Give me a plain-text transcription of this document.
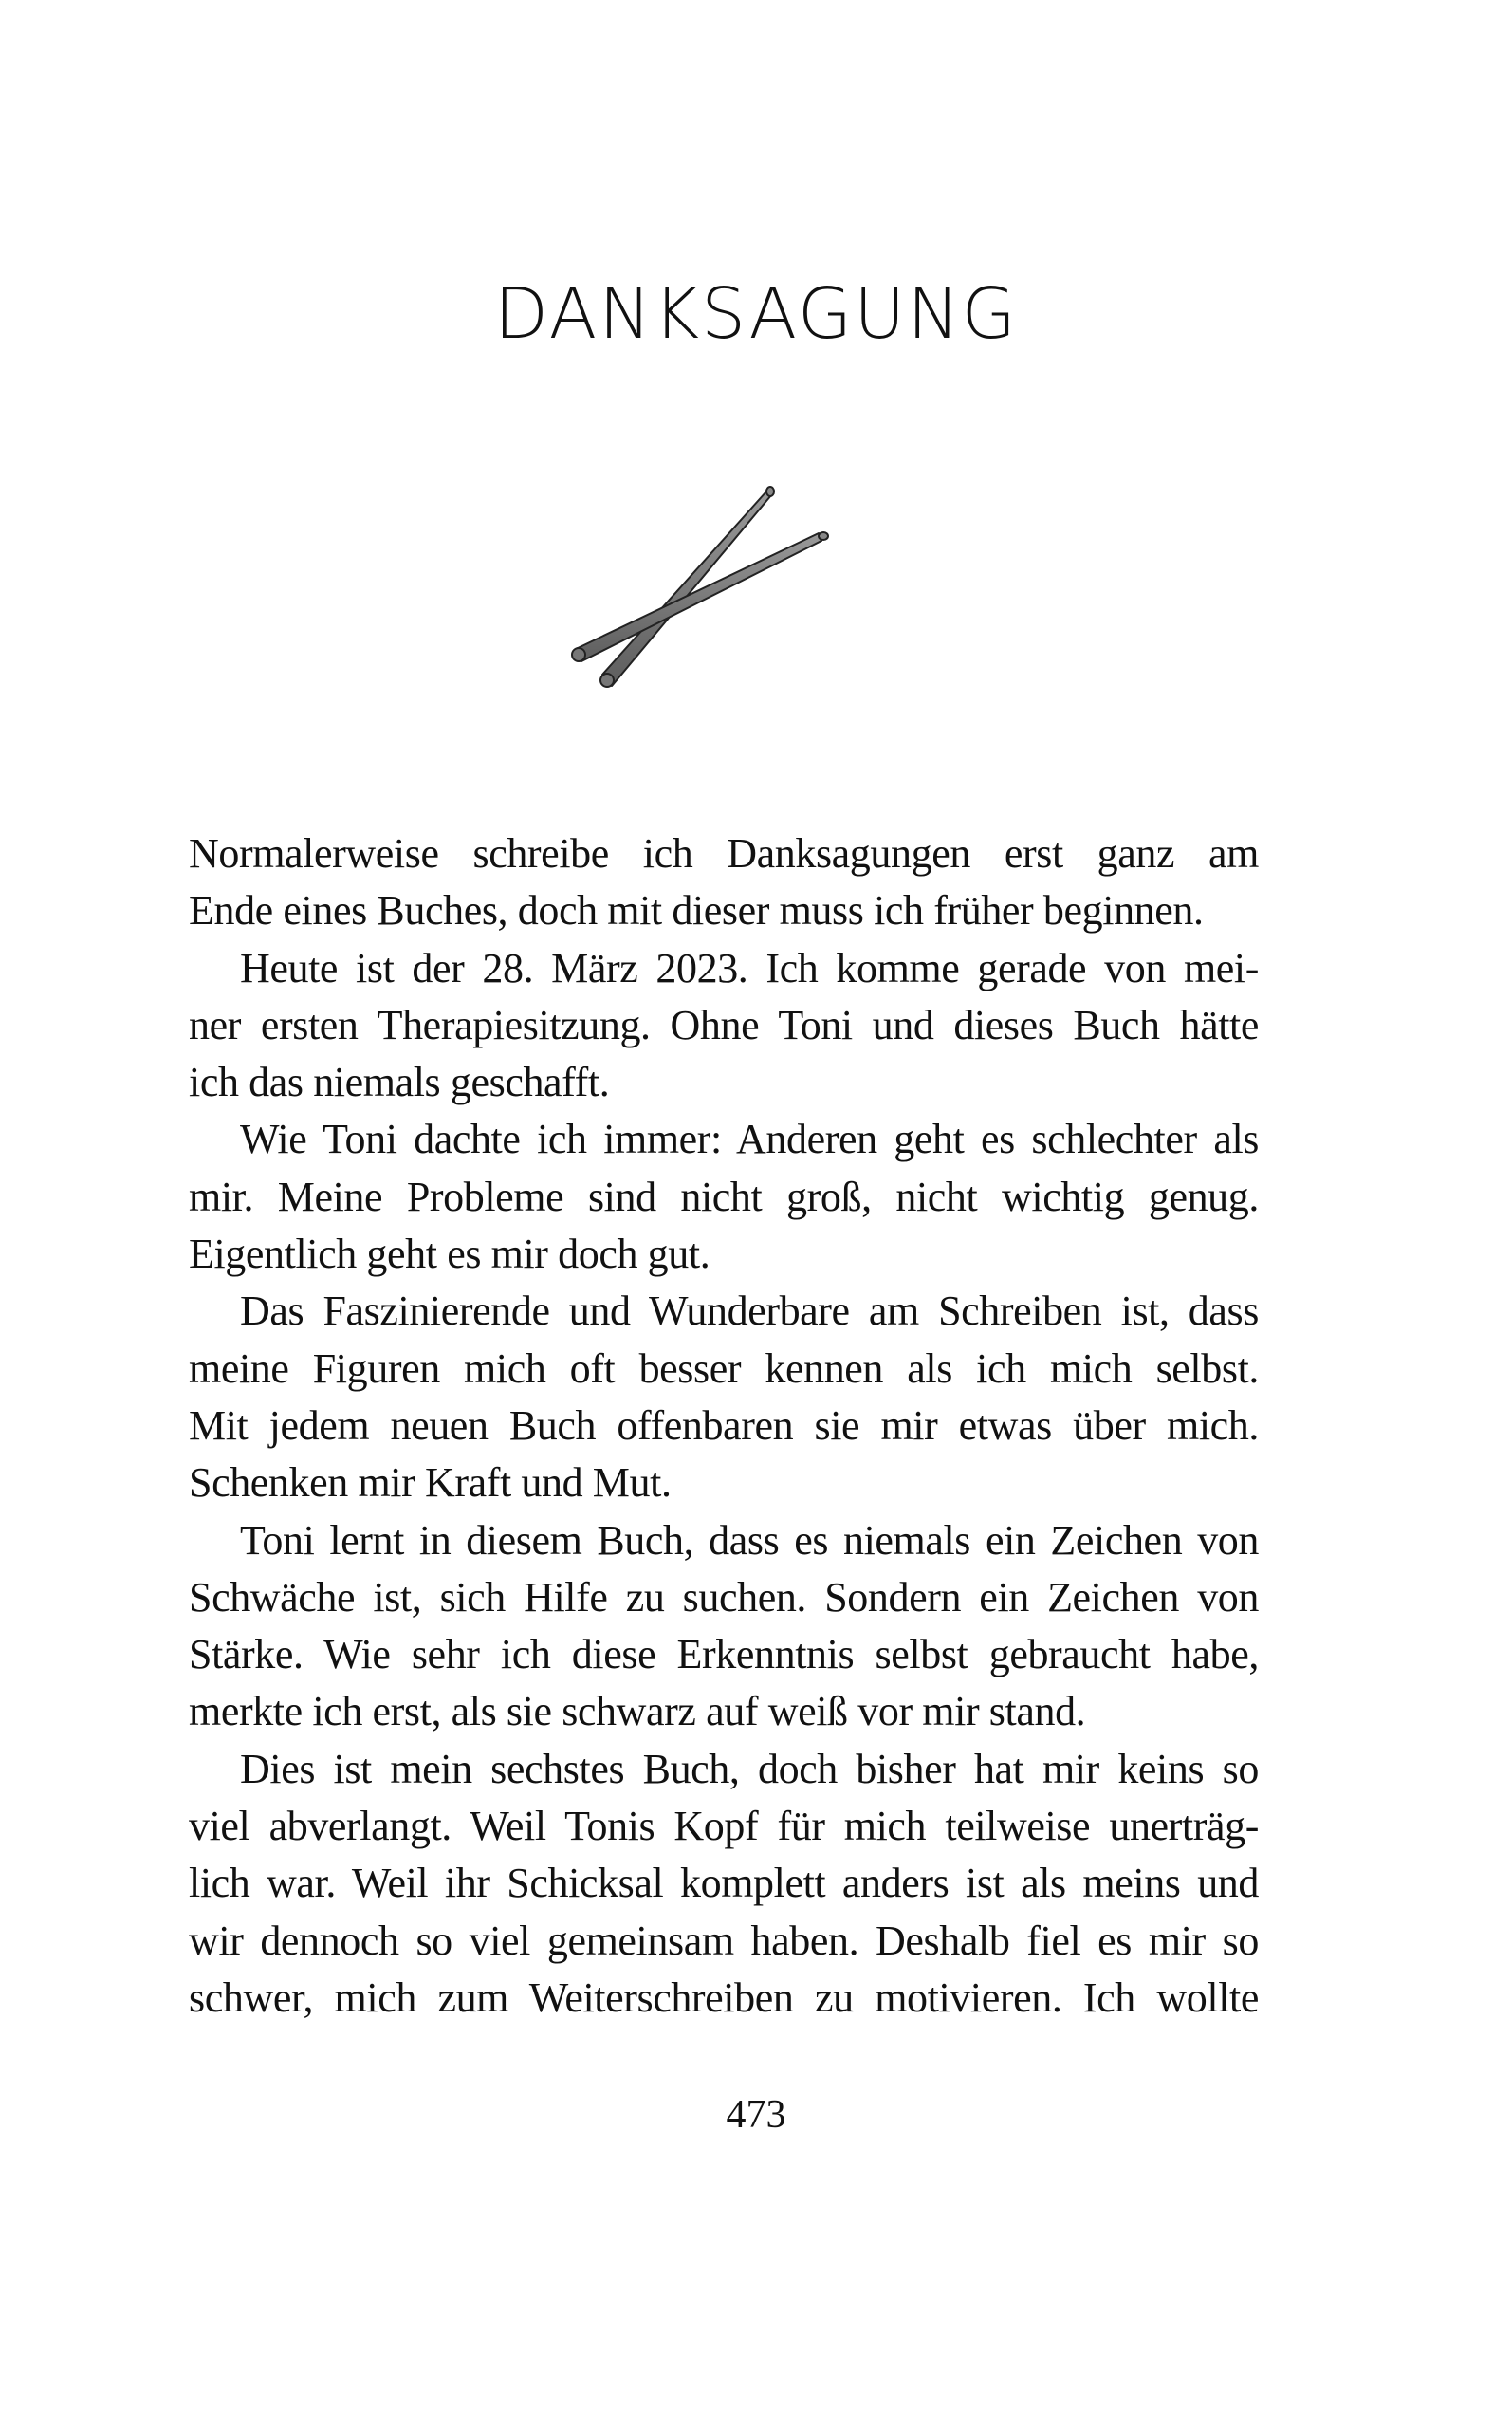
DANKSAGUNG
Normalerweise schreibe ich Danksagungen erst ganz am
Ende eines Buches, doch mit dieser muss ich früher beginnen.
Heute ist der 28. März 2023. Ich komme gerade von mei-
ner ersten Therapiesitzung. Ohne Toni und dieses Buch hätte
ich das niemals geschafft.
Wie Toni dachte ich immer: Anderen geht es schlechter als
mir. Meine Probleme sind nicht groß, nicht wichtig genug.
Eigentlich geht es mir doch gut.
Das Faszinierende und Wunderbare am Schreiben ist, dass
meine Figuren mich oft besser kennen als ich mich selbst.
Mit jedem neuen Buch offenbaren sie mir etwas über mich.
Schenken mir Kraft und Mut.
Toni lernt in diesem Buch, dass es niemals ein Zeichen von
Schwäche ist, sich Hilfe zu suchen. Sondern ein Zeichen von
Stärke. Wie sehr ich diese Erkenntnis selbst gebraucht habe,
merkte ich erst, als sie schwarz auf weiß vor mir stand.
Dies ist mein sechstes Buch, doch bisher hat mir keins so
viel abverlangt. Weil Tonis Kopf für mich teilweise unerträg-
lich war. Weil ihr Schicksal komplett anders ist als meins und
wir dennoch so viel gemeinsam haben. Deshalb fiel es mir so
schwer, mich zum Weiterschreiben zu motivieren. Ich wollte
473
